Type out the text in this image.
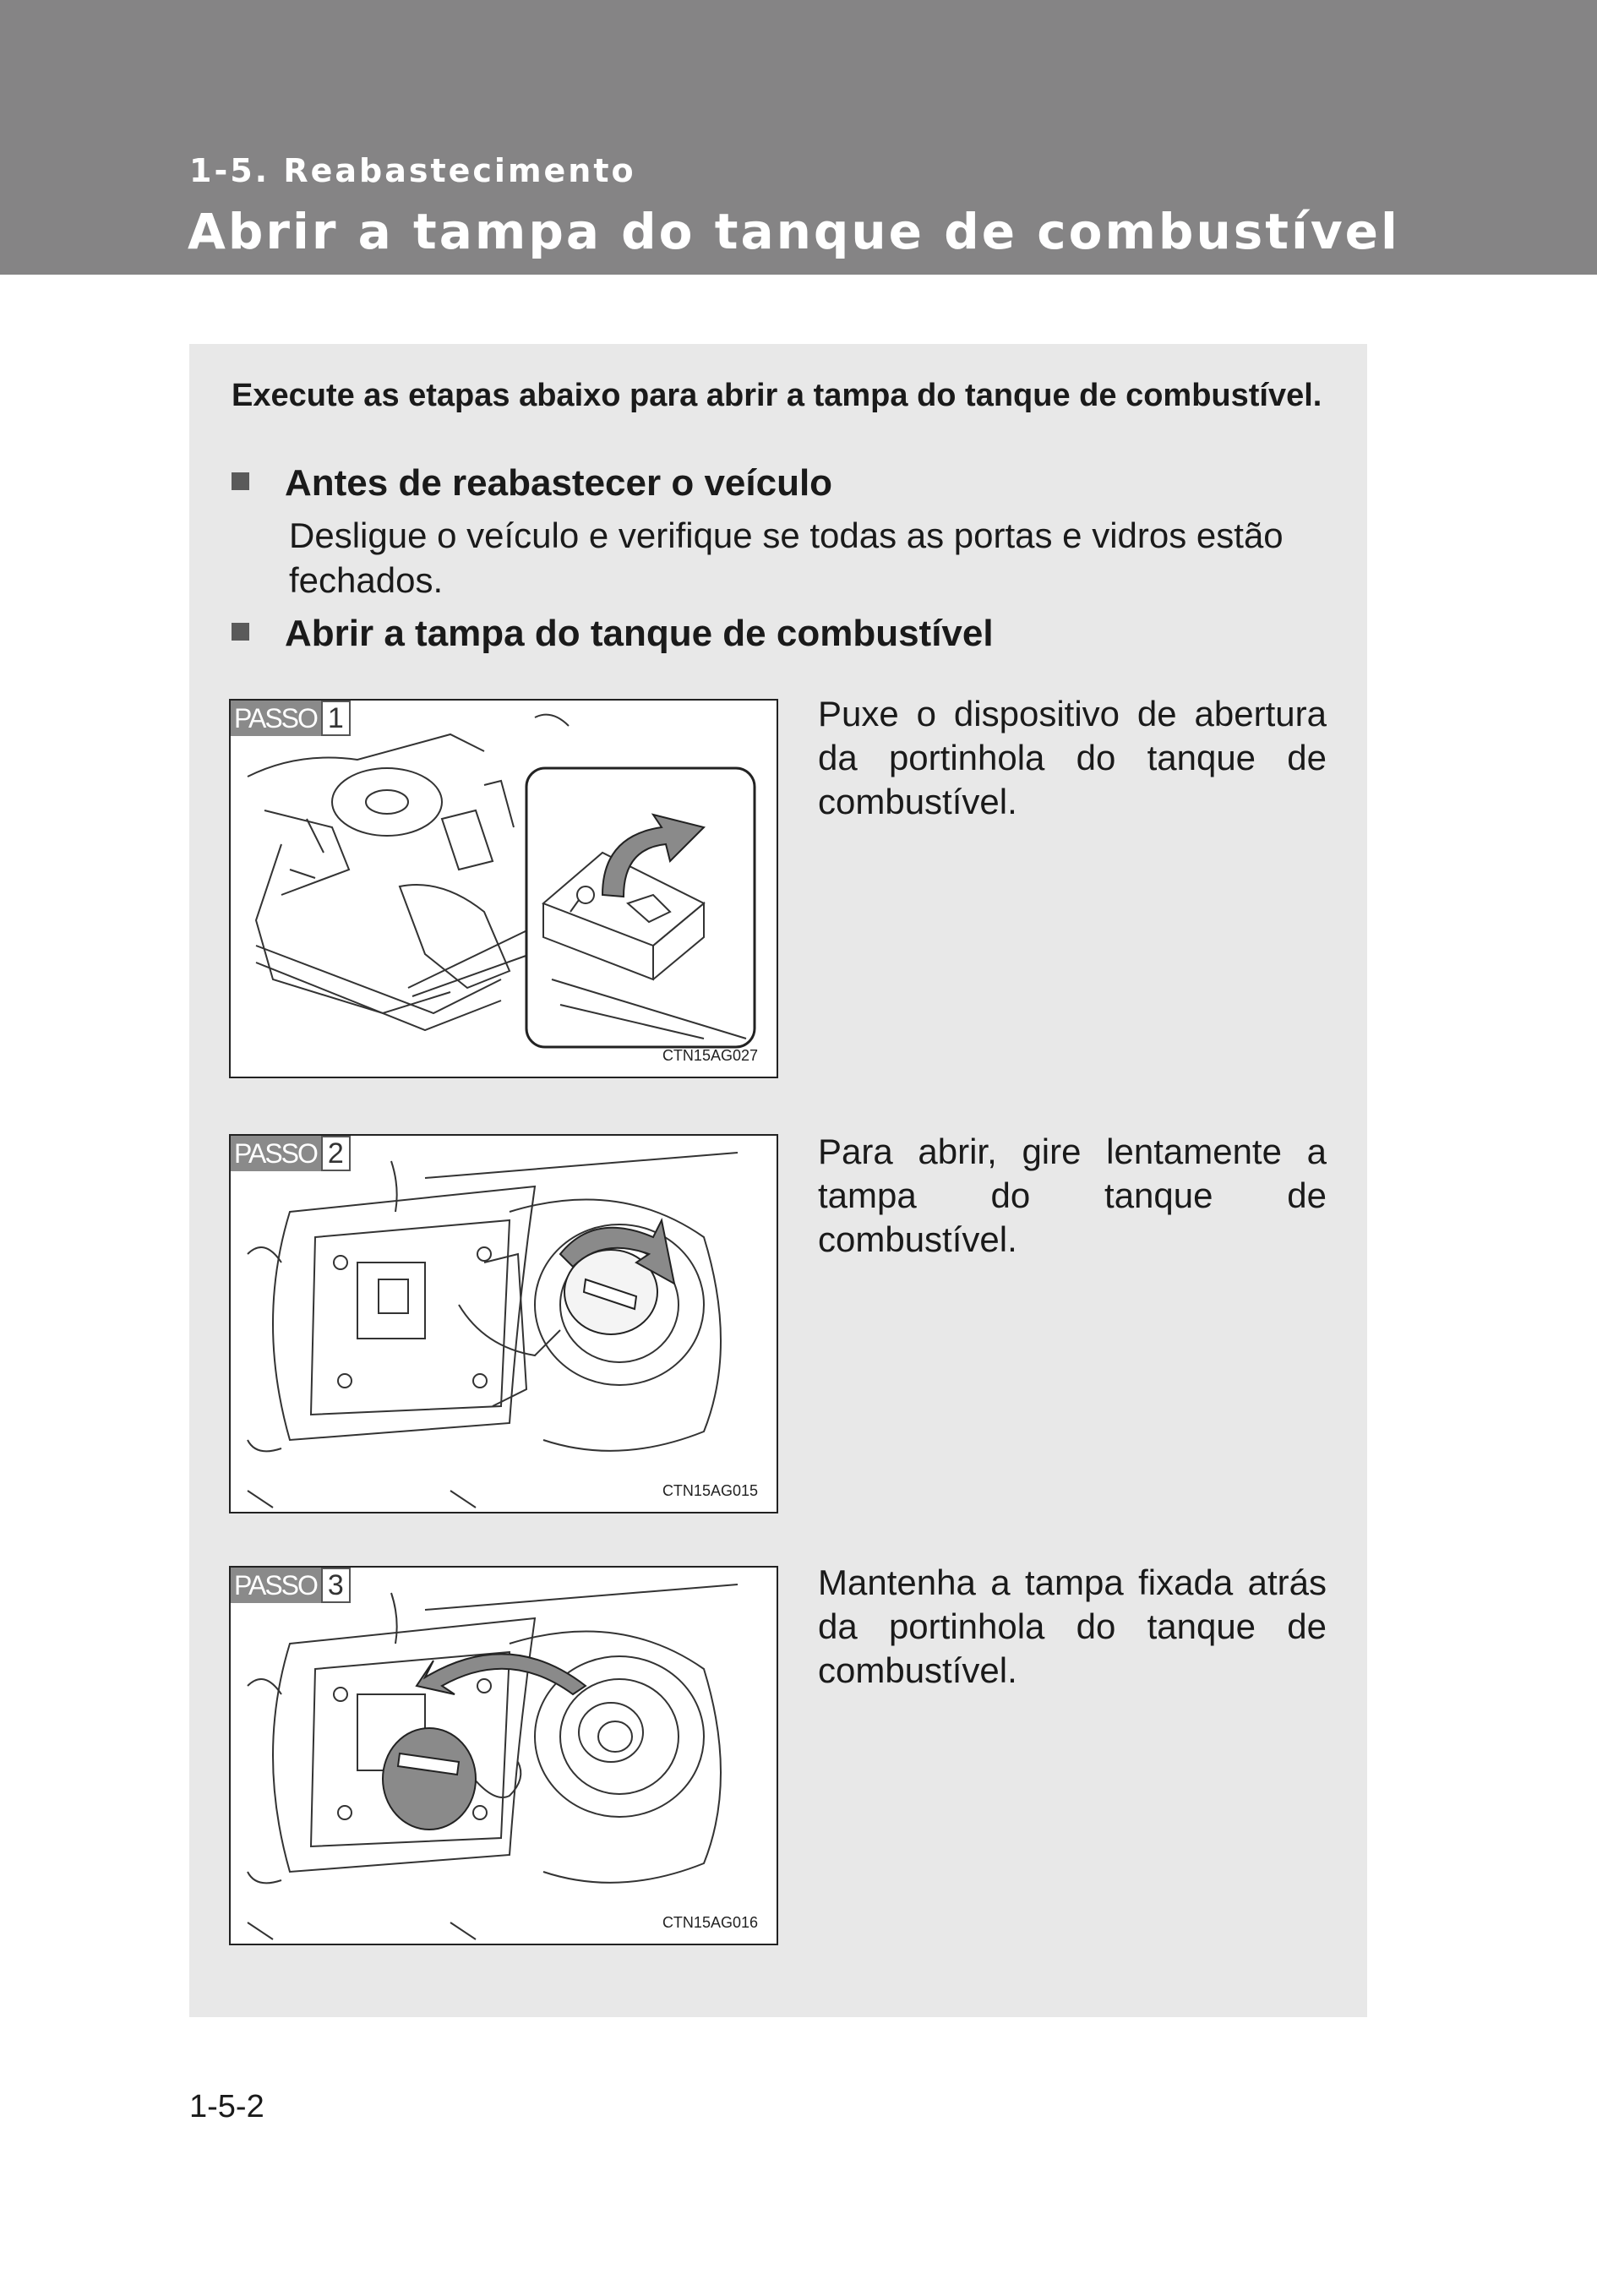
1-5. Reabastecimento
Abrir a tampa do tanque de combustível
Execute as etapas abaixo para abrir a tampa do tanque de combustível.
Antes de reabastecer o veículo
Desligue o veículo e verifique se todas as portas e vidros estão fechados.
Abrir a tampa do tanque de combustível
PASSO 1
CTN15AG027
Puxe o dispositivo de abertura da portinhola do tanque de combustível.
PASSO 2
CTN15AG015
Para abrir, gire lentamente a tampa do tanque de combustível.
PASSO 3
CTN15AG016
Mantenha a tampa fixada atrás da portinhola do tanque de combustível.
1-5-2
